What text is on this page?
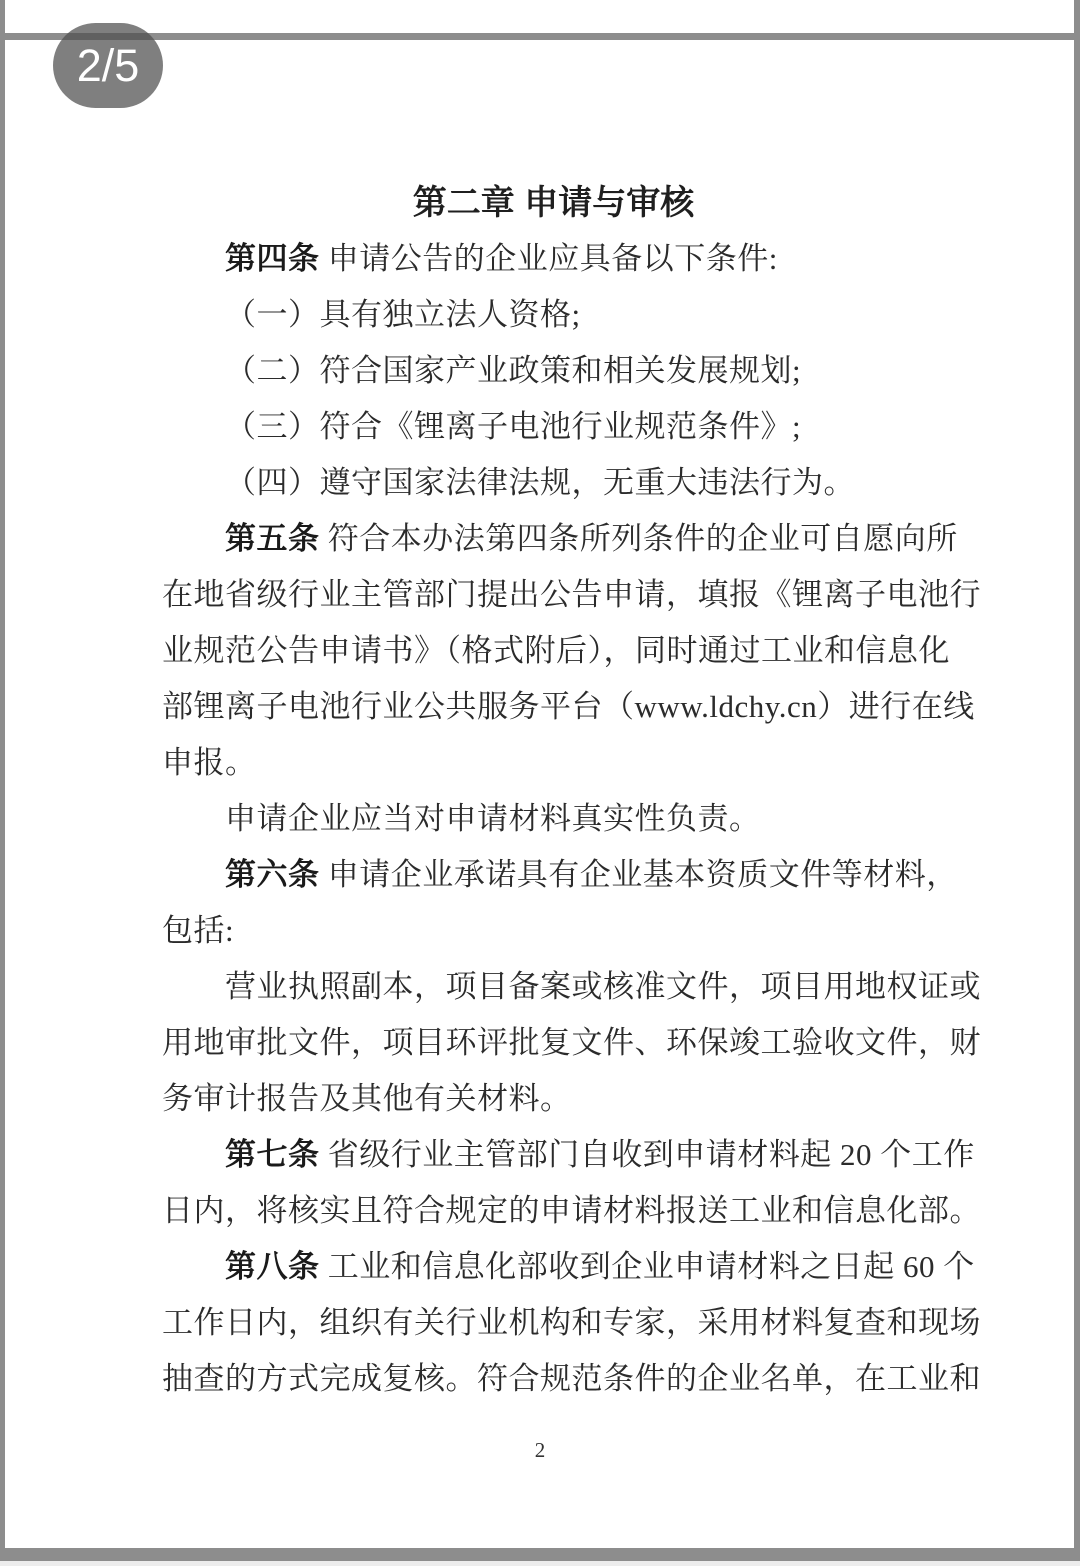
2/5
第二章 申请与审核
第四条 申请公告的企业应具备以下条件:
（一）具有独立法人资格;
（二）符合国家产业政策和相关发展规划;
（三）符合《锂离子电池行业规范条件》;
（四）遵守国家法律法规，无重大违法行为。
第五条 符合本办法第四条所列条件的企业可自愿向所
在地省级行业主管部门提出公告申请，填报《锂离子电池行
业规范公告申请书》（格式附后），同时通过工业和信息化
部锂离子电池行业公共服务平台（www.ldchy.cn）进行在线
申报。
申请企业应当对申请材料真实性负责。
第六条 申请企业承诺具有企业基本资质文件等材料，
包括:
营业执照副本，项目备案或核准文件，项目用地权证或
用地审批文件，项目环评批复文件、环保竣工验收文件，财
务审计报告及其他有关材料。
第七条 省级行业主管部门自收到申请材料起 20 个工作
日内，将核实且符合规定的申请材料报送工业和信息化部。
第八条 工业和信息化部收到企业申请材料之日起 60 个
工作日内，组织有关行业机构和专家，采用材料复查和现场
抽查的方式完成复核。符合规范条件的企业名单，在工业和
2
